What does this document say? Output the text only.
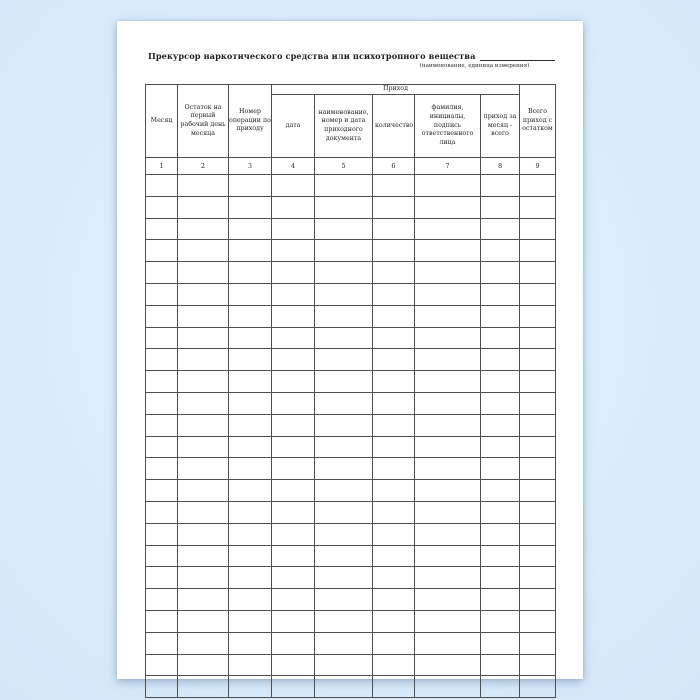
Прекурсор наркотического средства или психотропного вещества
(наименование, единица измерения)
Месяц	Остаток на первый рабочий день месяца	Номер операции по приходу	Приход					Всего приход с остатком
			дата	наименование, номер и дата приходного документа	количество	фамилия, инициалы, подпись ответственного лица	приход за месяц - всего	
1	2	3	4	5	6	7	8	9
